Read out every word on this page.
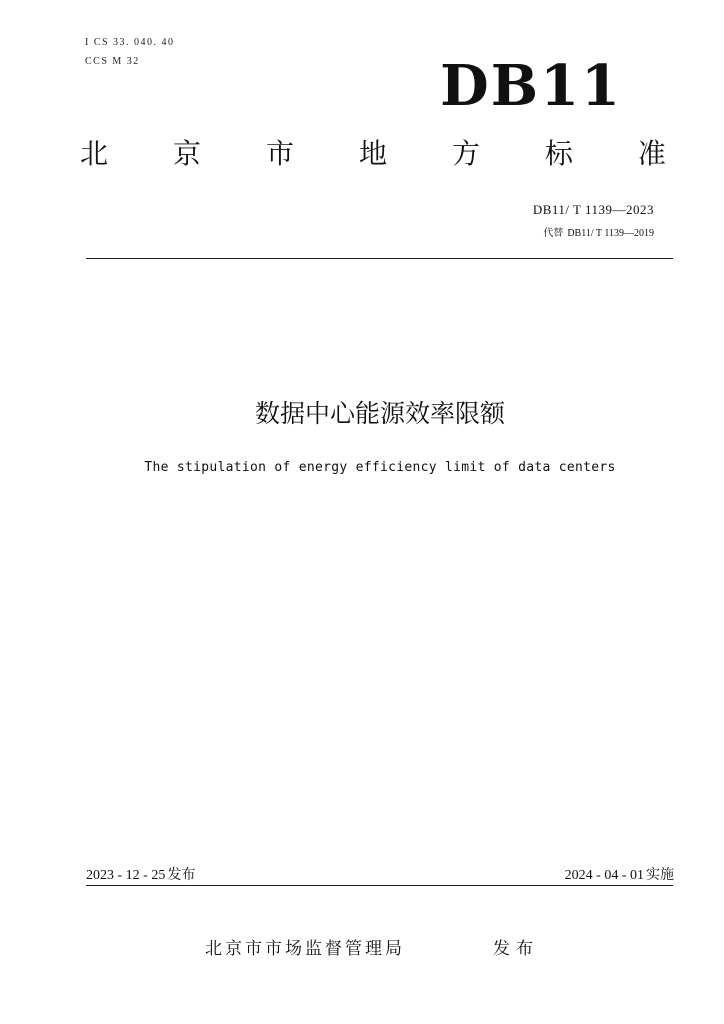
I CS 33. 040. 40
CCS M 32	DB11
北 京 市 地 方 标 准
DB11/ T 1139—2023
代替 DB11/ T 1139—2019
数据中心能源效率限额
The stipulation of energy efficiency limit of data centers
2023 - 12 - 25 发布	2024 - 04 - 01 实施
北京市市场监督管理局	发布
